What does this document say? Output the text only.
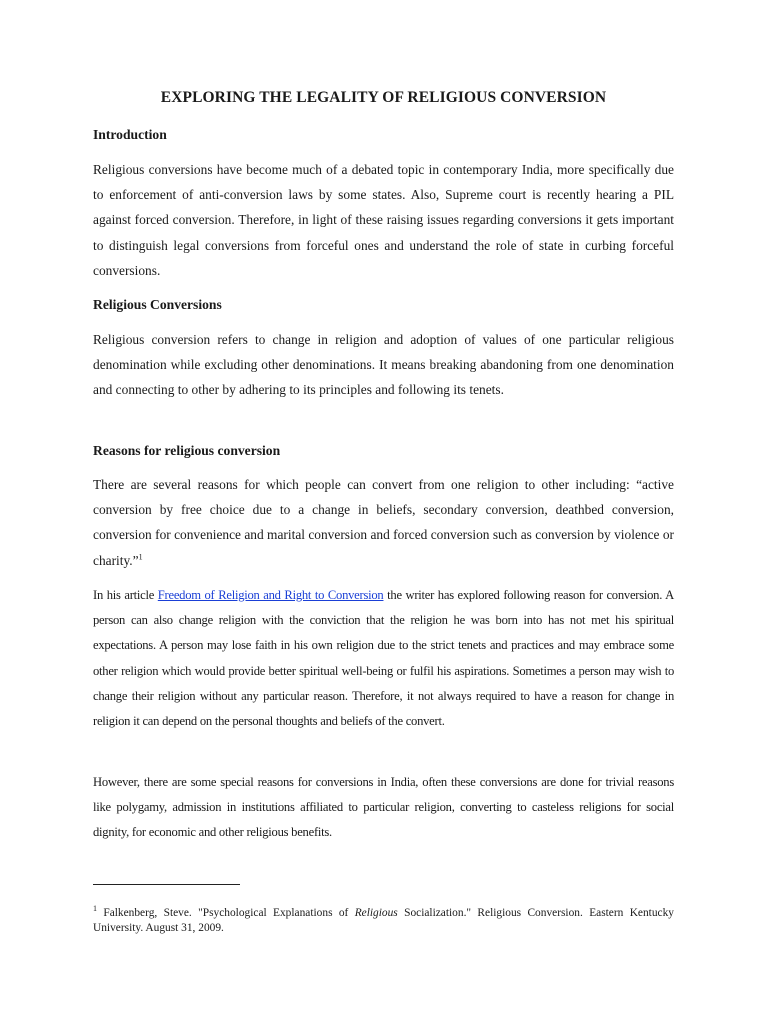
EXPLORING THE LEGALITY OF RELIGIOUS CONVERSION
Introduction

Religious conversions have become much of a debated topic in contemporary India, more specifically due to enforcement of anti-conversion laws by some states. Also, Supreme court is recently hearing a PIL against forced conversion. Therefore, in light of these raising issues regarding conversions it gets important to distinguish legal conversions from forceful ones and understand the role of state in curbing forceful conversions.

Religious Conversions

Religious conversion refers to change in religion and adoption of values of one particular religious denomination while excluding other denominations. It means breaking abandoning from one denomination and connecting to other by adhering to its principles and following its tenets.

Reasons for religious conversion

There are several reasons for which people can convert from one religion to other including: “active conversion by free choice due to a change in beliefs, secondary conversion, deathbed conversion, conversion for convenience and marital conversion and forced conversion such as conversion by violence or charity.”$^1$

In his article Freedom of Religion and Right to Conversion the writer has explored following reason for conversion. A person can also change religion with the conviction that the religion he was born into has not met his spiritual expectations. A person may lose faith in his own religion due to the strict tenets and practices and may embrace some other religion which would provide better spiritual well-being or fulfil his aspirations. Sometimes a person may wish to change their religion without any particular reason. Therefore, it not always required to have a reason for change in religion it can depend on the personal thoughts and beliefs of the convert.

However, there are some special reasons for conversions in India, often these conversions are done for trivial reasons like polygamy, admission in institutions affiliated to particular religion, converting to casteless religions for social dignity, for economic and other religious benefits.

$^1$ Falkenberg, Steve. "Psychological Explanations of Religious Socialization." Religious Conversion. Eastern Kentucky University. August 31, 2009.
